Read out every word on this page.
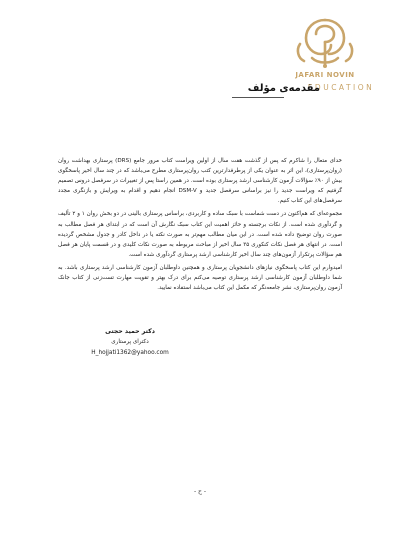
JAFARI NOVIN
EDUCATION
مقدمه‌ی مؤلف

خدای متعال را شاکرم که پس از گذشت هفت سال از اولین ویراست کتاب مرور جامع (DRS) پرستاری بهداشت روان (روان‌پرستاری)، این اثر به عنوان یکی از پرطرفدارترین کتب روان‌پرستاری مطرح می‌باشد که در چند سال اخیر پاسخگوی بیش از ۹۰٪ سؤالات آزمون کارشناسی ارشد پرستاری بوده است. در همین راستا پس از تغییرات در سرفصل دروس تصمیم گرفتیم که ویراست جدید را نیز براساس سرفصل جدید و DSM-V انجام دهیم و اقدام به ویرایش و بازنگری مجدد سرفصل‌های این کتاب کنیم.

مجموعه‌ای که هم‌اکنون در دست شماست با سبک ساده و کاربردی، براساس پرستاری بالینی در دو بخش روان ۱ و ۲ تألیف و گردآوری شده است. از نکات برجسته و حائز اهمیت این کتاب سبک نگارش آن است که در ابتدای هر فصل مطالب به صورت روان توضیح داده شده است. در این میان مطالب مهم‌تر به صورت نکته یا در داخل کادر و جدول مشخص گردیده است. در انتهای هر فصل نکات کنکوری ۳۵ سال اخیر از مباحث مربوطه به صورت نکات کلیدی و در قسمت پایان هر فصل هم سؤالات پرتکرار آزمون‌های چند سال اخیر کارشناسی ارشد پرستاری گردآوری شده است.

امیدوارم این کتاب پاسخگوی نیازهای دانشجویان پرستاری و همچنین داوطلبان آزمون کارشناسی ارشد پرستاری باشد. به شما داوطلبان آزمون کارشناسی ارشد پرستاری توصیه می‌کنم برای درک بهتر و تقویت مهارت تست‌زنی از کتاب جانک آزمون روان‌پرستاری، نشر جامعه‌نگر که مکمل این کتاب می‌باشد استفاده نمایید.

دکتر حمید حجتی
دکترای پرستاری
H_hojjati1362@yahoo.com
- ح -
